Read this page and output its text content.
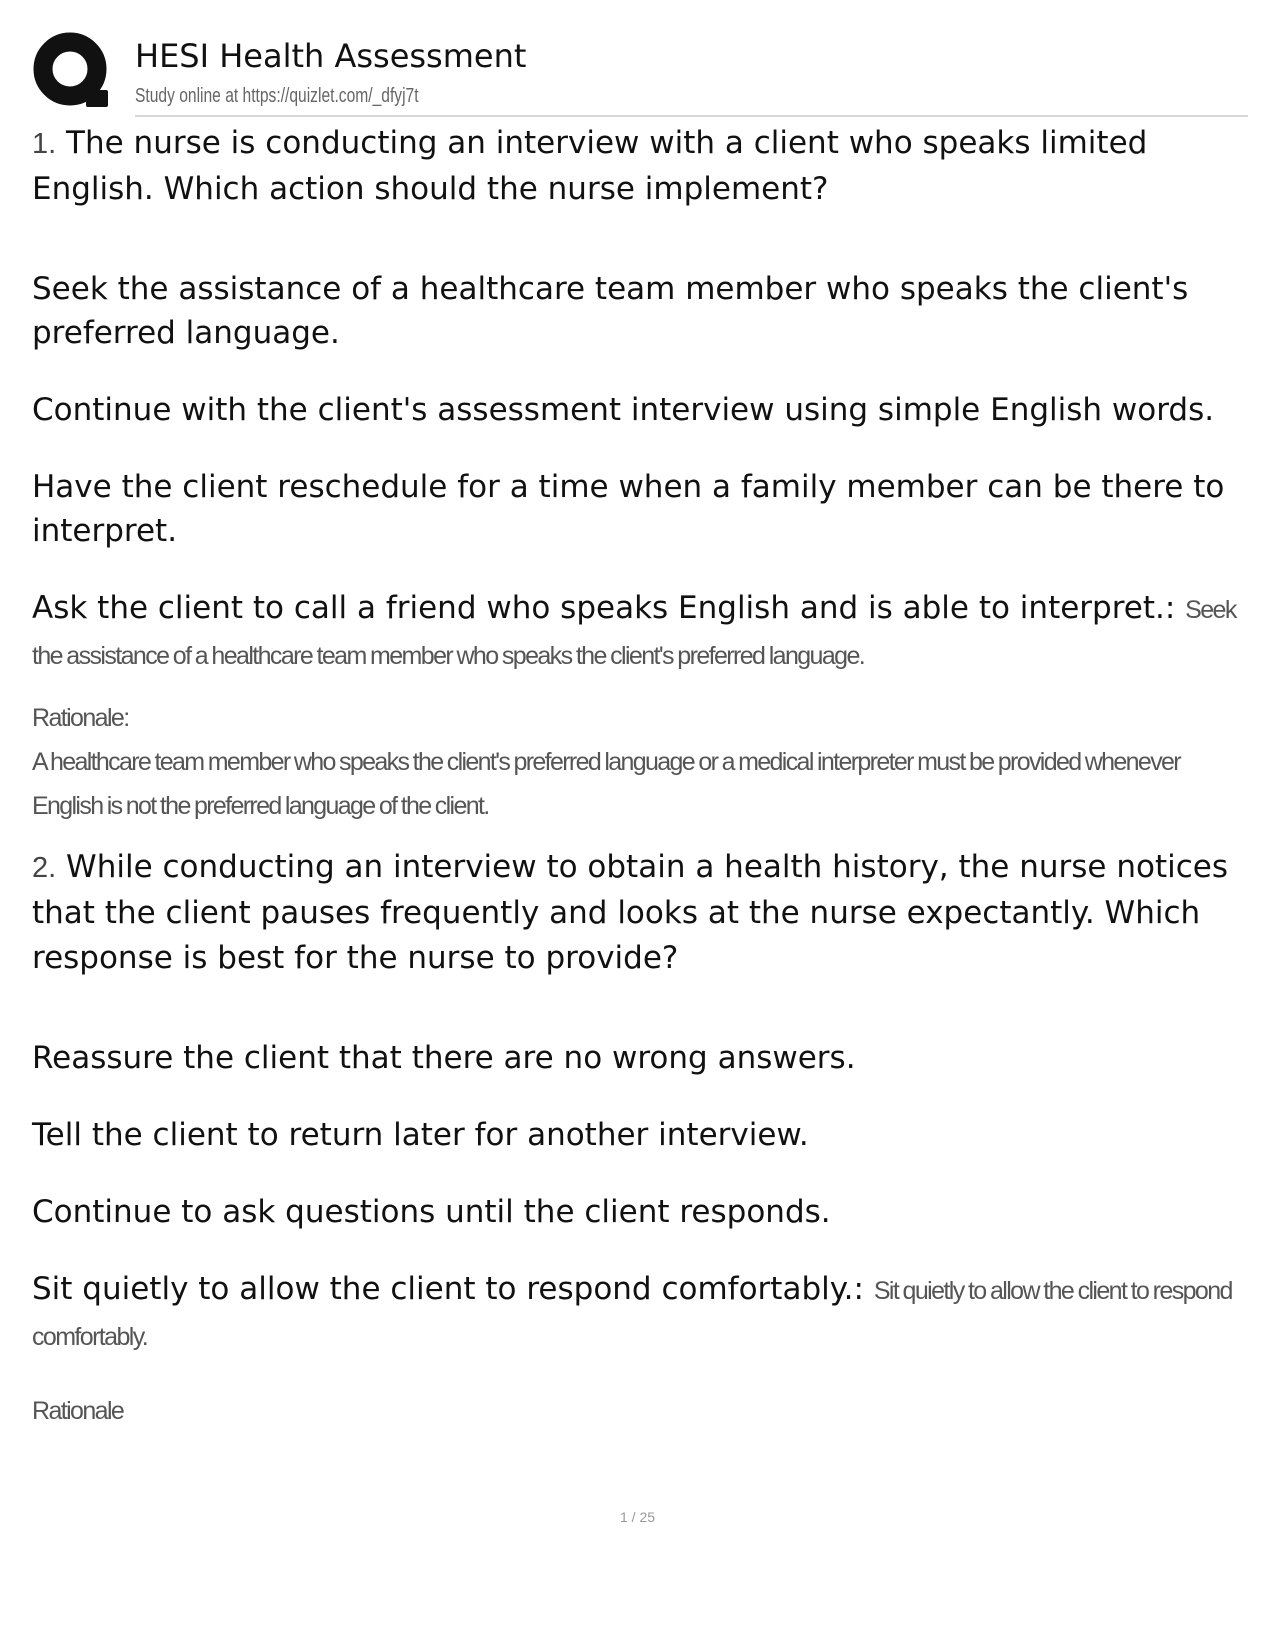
HESI Health Assessment
Study online at https://quizlet.com/_dfyj7t

1. The nurse is conducting an interview with a client who speaks limited English. Which action should the nurse implement?

Seek the assistance of a healthcare team member who speaks the client's preferred language.

Continue with the client's assessment interview using simple English words.

Have the client reschedule for a time when a family member can be there to interpret.

Ask the client to call a friend who speaks English and is able to interpret.: Seek the assistance of a healthcare team member who speaks the client's preferred language.

Rationale:

A healthcare team member who speaks the client's preferred language or a medical interpreter must be provided whenever English is not the preferred language of the client.

2. While conducting an interview to obtain a health history, the nurse notices that the client pauses frequently and looks at the nurse expectantly. Which response is best for the nurse to provide?

Reassure the client that there are no wrong answers.

Tell the client to return later for another interview.

Continue to ask questions until the client responds.

Sit quietly to allow the client to respond comfortably.: Sit quietly to allow the client to respond comfortably.

Rationale

1 / 25
